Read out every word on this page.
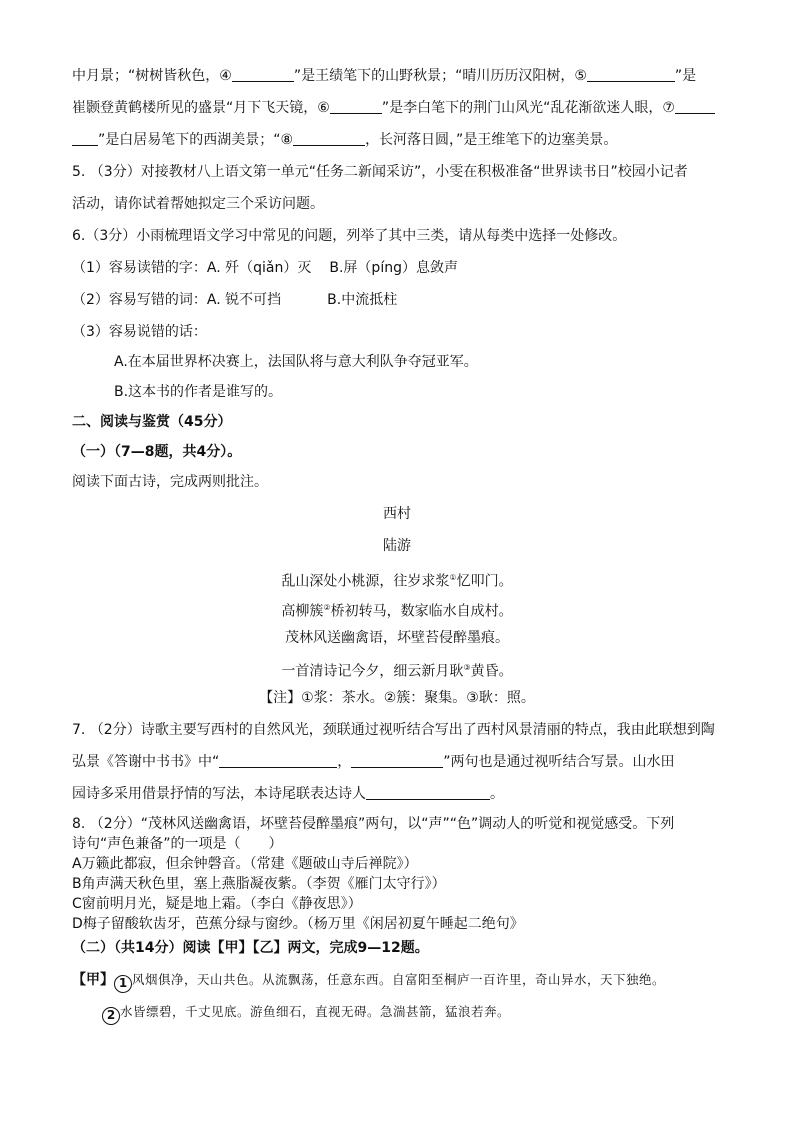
中月景；“树树皆秋色，④	”是王绩笔下的山野秋景；“晴川历历汉阳树，⑤	”是
崔颢登黄鹤楼所见的盛景“月下飞天镜，⑥	”是李白笔下的荆门山风光“乱花渐欲迷人眼，⑦
”是白居易笔下的西湖美景；“⑧	，长河落日圆，”是王维笔下的边塞美景。
5. （3分）对接教材八上语文第一单元“任务二新闻采访”，小雯在积极准备“世界读书日”校园小记者
活动，请你试着帮她拟定三个采访问题。
6.（3分）小雨梳理语文学习中常见的问题，列举了其中三类，请从每类中选择一处修改。
（1）容易读错的字：A. 歼（qiǎn）灭 B.屏（píng）息敛声
（2）容易写错的词：A. 锐不可挡	B.中流抵柱
（3）容易说错的话：
A.在本届世界杯决赛上，法国队将与意大利队争夺冠亚军。
B.这本书的作者是谁写的。
二、阅读与鉴赏（45分）
（一）（7—8题，共4分）。
阅读下面古诗，完成两则批注。
西村
陆游
乱山深处小桃源，往岁求浆①忆叩门。
高柳簇②桥初转马，数家临水自成村。
茂林风送幽禽语，坏壁苔侵醉墨痕。
一首清诗记今夕，细云新月耿③黄昏。
【注】①浆：茶水。②簇：聚集。③耿：照。
7. （2分）诗歌主要写西村的自然风光，颈联通过视听结合写出了西村风景清丽的特点，我由此联想到陶
弘景《答谢中书书》中“	，	”两句也是通过视听结合写景。山水田
园诗多采用借景抒情的写法，本诗尾联表达诗人	。
8. （2分）“茂林风送幽禽语，坏壁苔侵醉墨痕”两句，以“声”“色”调动人的听觉和视觉感受。下列
诗句“声色兼备”的一项是（　　）
A万籁此都寂，但余钟磬音。（常建《题破山寺后禅院》）
B角声满天秋色里，塞上燕脂凝夜紫。（李贺《雁门太守行》）
C窗前明月光，疑是地上霜。（李白《静夜思》）
D梅子留酸软齿牙，芭蕉分绿与窗纱。（杨万里《闲居初夏午睡起二绝句》
（二）（共14分）阅读【甲】【乙】两文，完成9—12题。
【甲】 1 风烟俱净，天山共色。从流飘荡，任意东西。自富阳至桐庐一百许里，奇山异水，天下独绝。
2 水皆缥碧，千丈见底。游鱼细石，直视无碍。急湍甚箭，猛浪若奔。
